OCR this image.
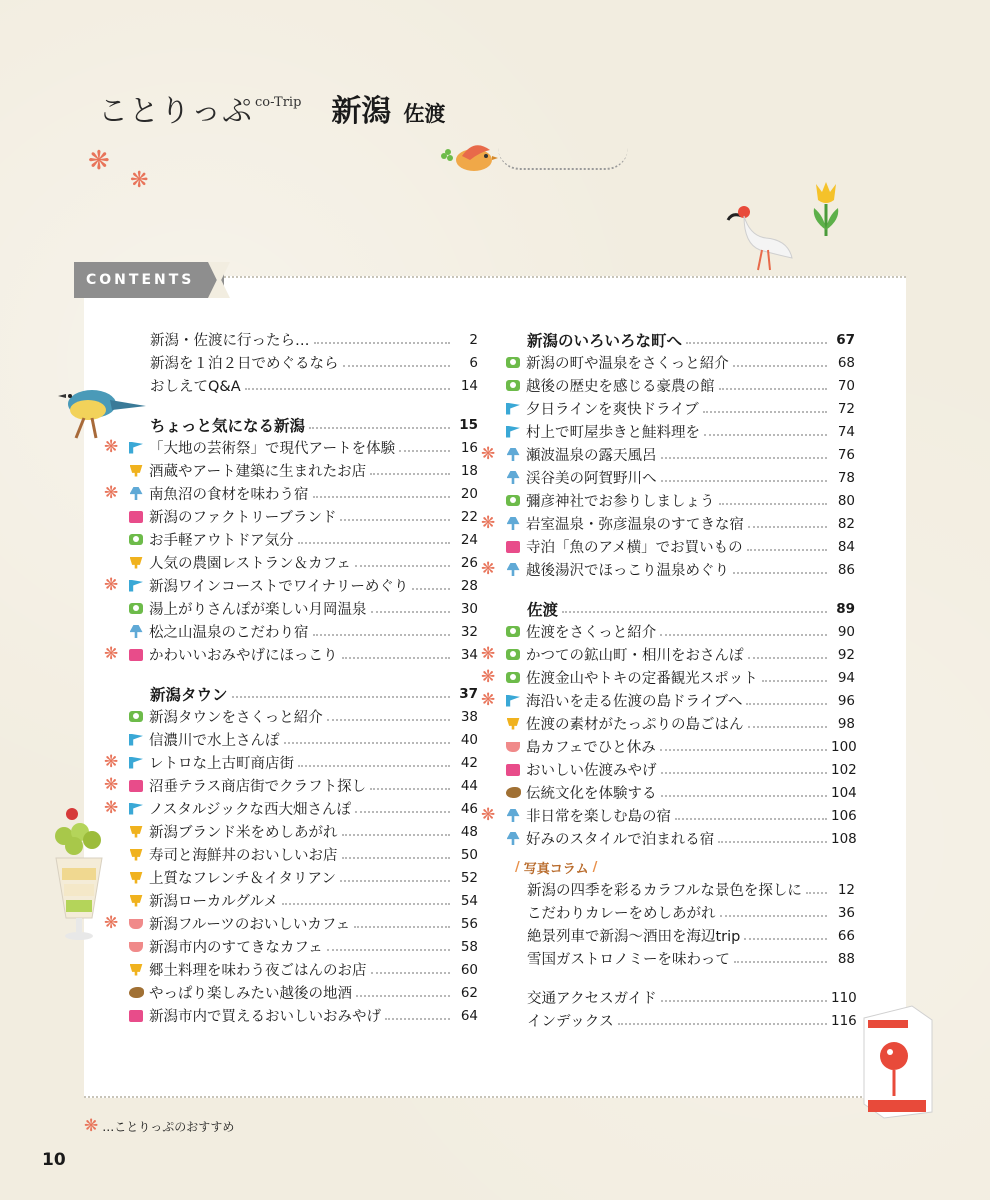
ことりっぷ co-Trip 新潟 佐渡
❋
❋
CONTENTS
新潟・佐渡に行ったら…	2
新潟を１泊２日でめぐるなら	6
おしえてQ&A	14
ちょっと気になる新潟	15
❋ 「大地の芸術祭」で現代アートを体験	16
酒蔵やアート建築に生まれたお店	18
❋ 南魚沼の食材を味わう宿	20
新潟のファクトリーブランド	22
お手軽アウトドア気分	24
人気の農園レストラン＆カフェ	26
❋ 新潟ワインコーストでワイナリーめぐり	28
湯上がりさんぽが楽しい月岡温泉	30
松之山温泉のこだわり宿	32
❋ かわいいおみやげにほっこり	34
新潟タウン	37
新潟タウンをさくっと紹介	38
信濃川で水上さんぽ	40
❋ レトロな上古町商店街	42
❋ 沼垂テラス商店街でクラフト探し	44
❋ ノスタルジックな西大畑さんぽ	46
新潟ブランド米をめしあがれ	48
寿司と海鮮丼のおいしいお店	50
上質なフレンチ＆イタリアン	52
新潟ローカルグルメ	54
❋ 新潟フルーツのおいしいカフェ	56
新潟市内のすてきなカフェ	58
郷土料理を味わう夜ごはんのお店	60
やっぱり楽しみたい越後の地酒	62
新潟市内で買えるおいしいおみやげ	64
新潟のいろいろな町へ	67
新潟の町や温泉をさくっと紹介	68
越後の歴史を感じる豪農の館	70
夕日ラインを爽快ドライブ	72
村上で町屋歩きと鮭料理を	74
❋ 瀬波温泉の露天風呂	76
渓谷美の阿賀野川へ	78
彌彦神社でお参りしましょう	80
❋ 岩室温泉・弥彦温泉のすてきな宿	82
寺泊「魚のアメ横」でお買いもの	84
❋ 越後湯沢でほっこり温泉めぐり	86
佐渡	89
佐渡をさくっと紹介	90
❋ かつての鉱山町・相川をおさんぽ	92
❋ 佐渡金山やトキの定番観光スポット	94
❋ 海沿いを走る佐渡の島ドライブへ	96
佐渡の素材がたっぷりの島ごはん	98
島カフェでひと休み	100
おいしい佐渡みやげ	102
伝統文化を体験する	104
❋ 非日常を楽しむ島の宿	106
好みのスタイルで泊まれる宿	108
/ 写真コラム /
新潟の四季を彩るカラフルな景色を探しに	12
こだわりカレーをめしあがれ	36
絶景列車で新潟〜酒田を海辺trip	66
雪国ガストロノミーを味わって	88
交通アクセスガイド	110
インデックス	116
❋ …ことりっぷのおすすめ
10
